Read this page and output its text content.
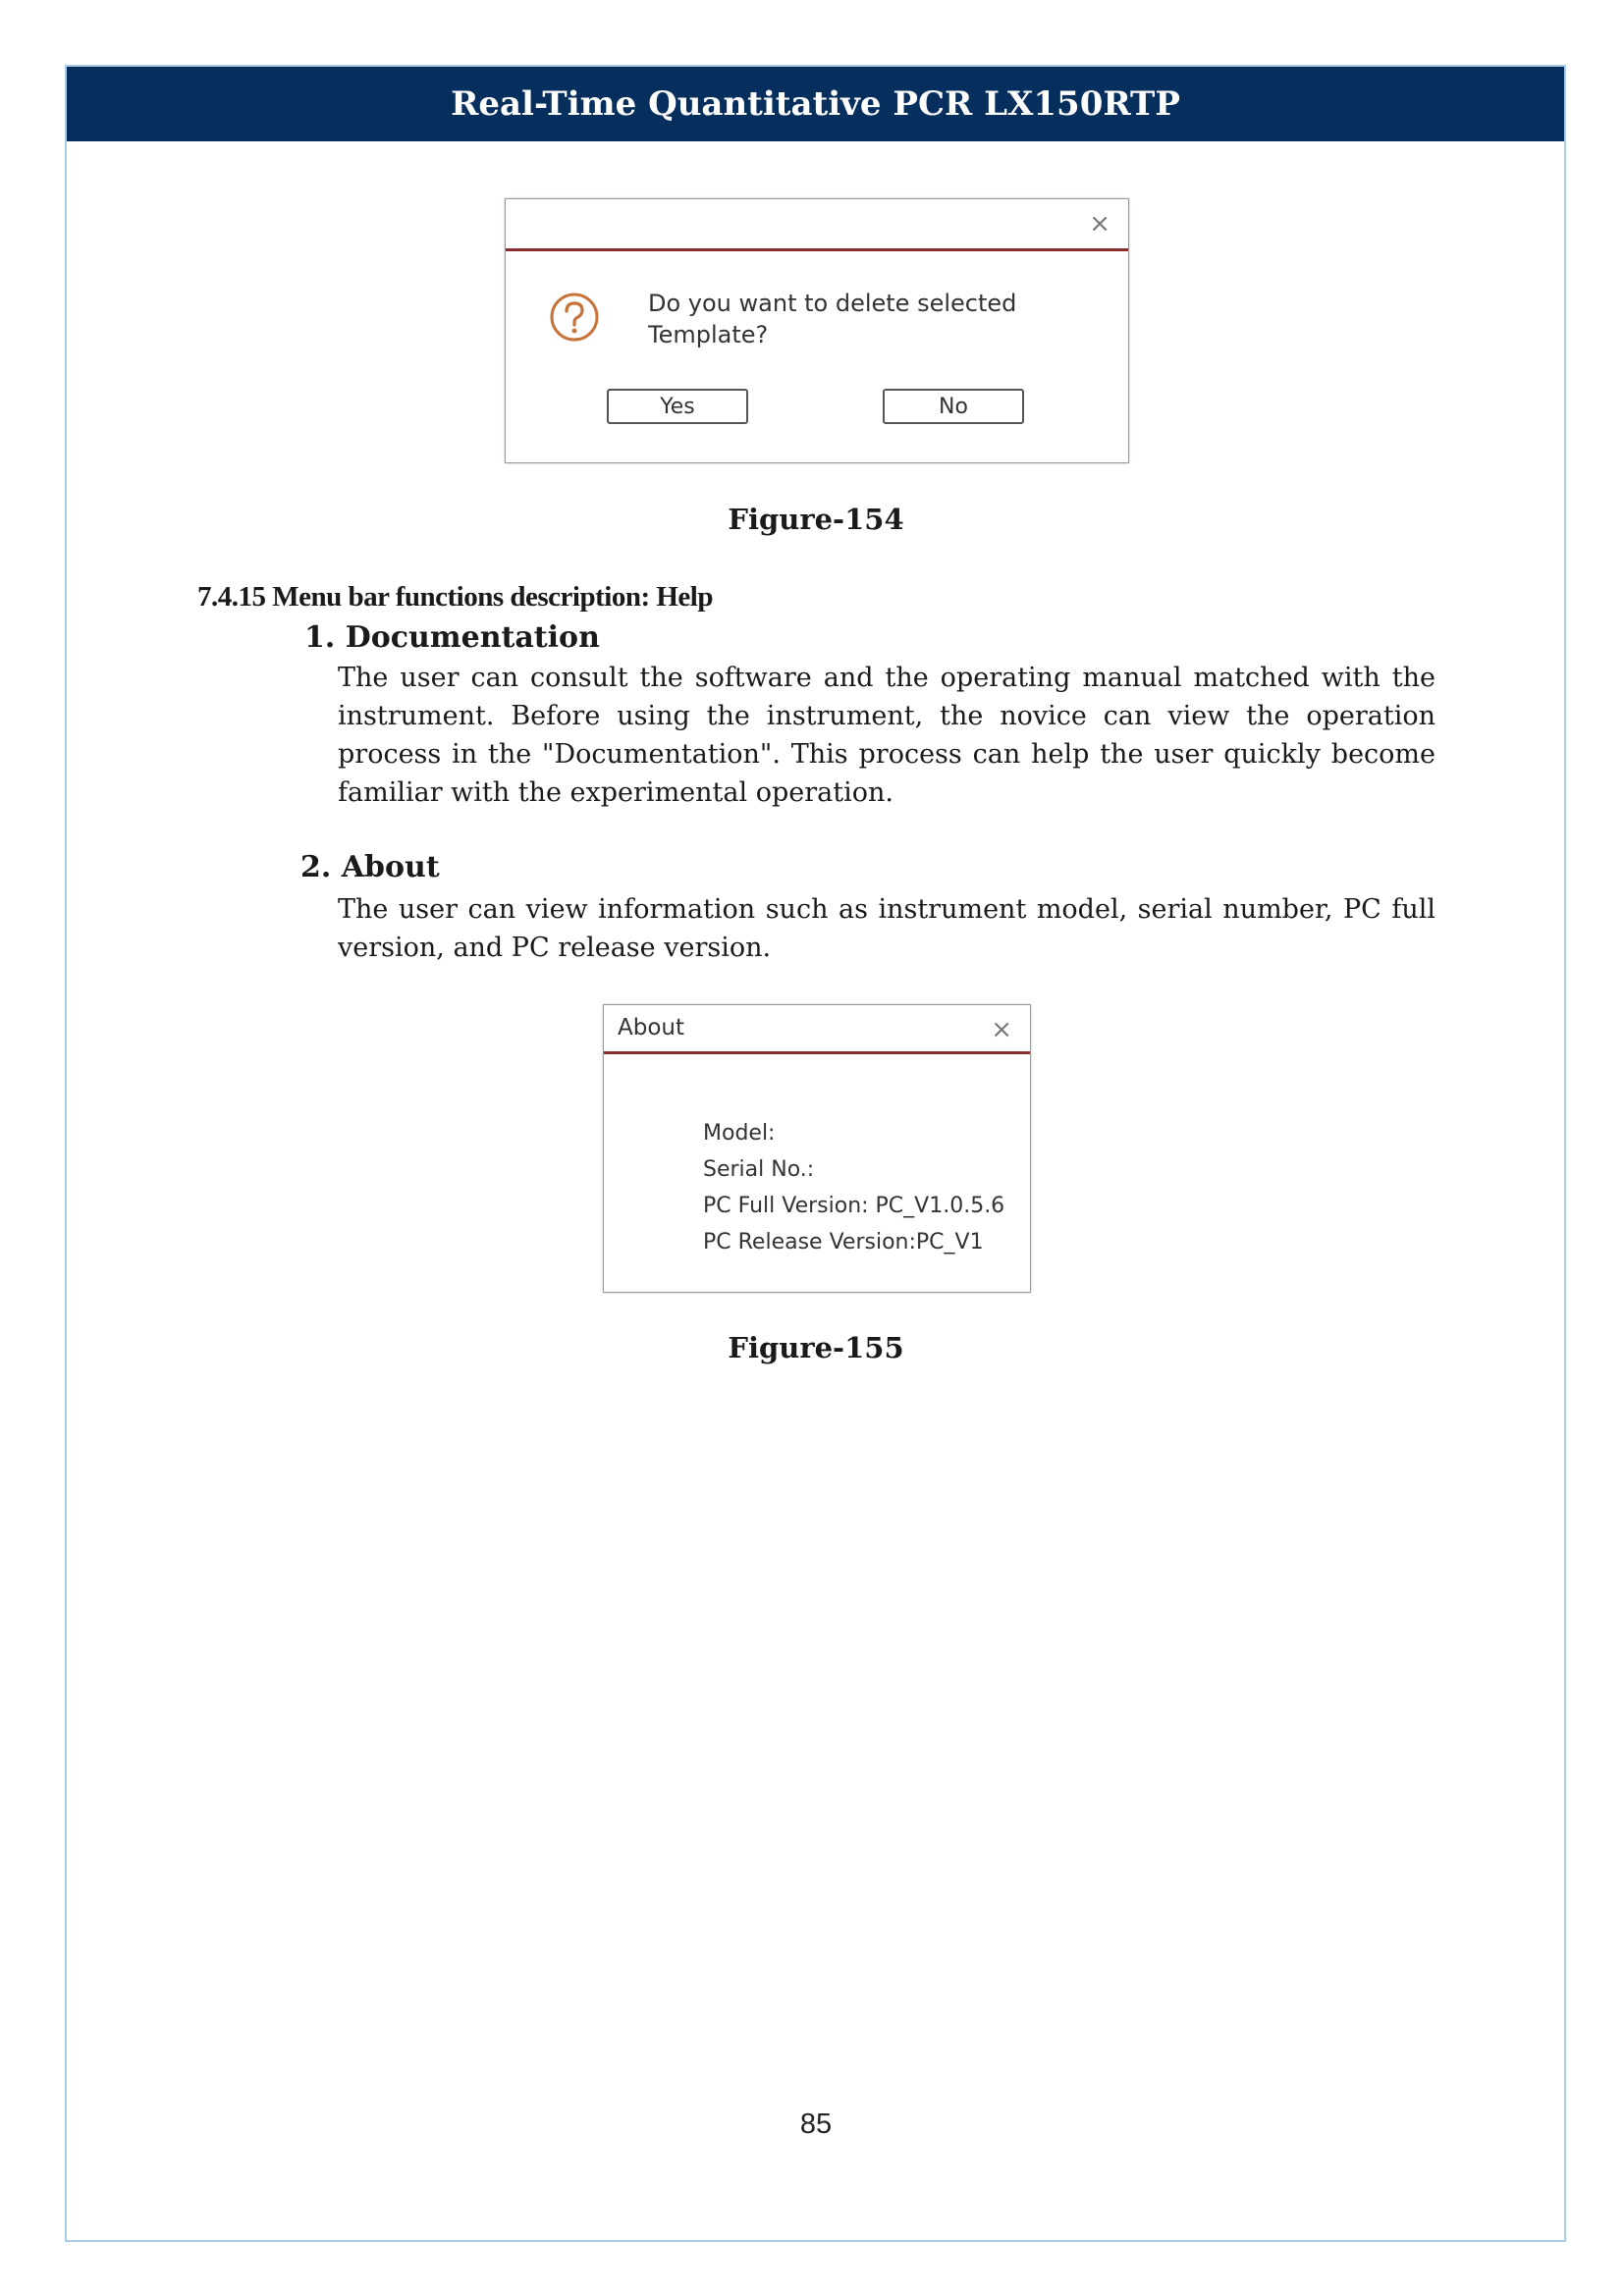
Real-Time Quantitative PCR LX150RTP
×
Do you want to delete selected Template?
Yes	No
Figure-154
7.4.15 Menu bar functions description: Help
1. Documentation
The user can consult the software and the operating manual matched with the instrument. Before using the instrument, the novice can view the operation process in the "Documentation". This process can help the user quickly become familiar with the experimental operation.
2. About
The user can view information such as instrument model, serial number, PC full version, and PC release version.
About	×
Model:
Serial No.:
PC Full Version: PC_V1.0.5.6
PC Release Version:PC_V1
Figure-155
85
